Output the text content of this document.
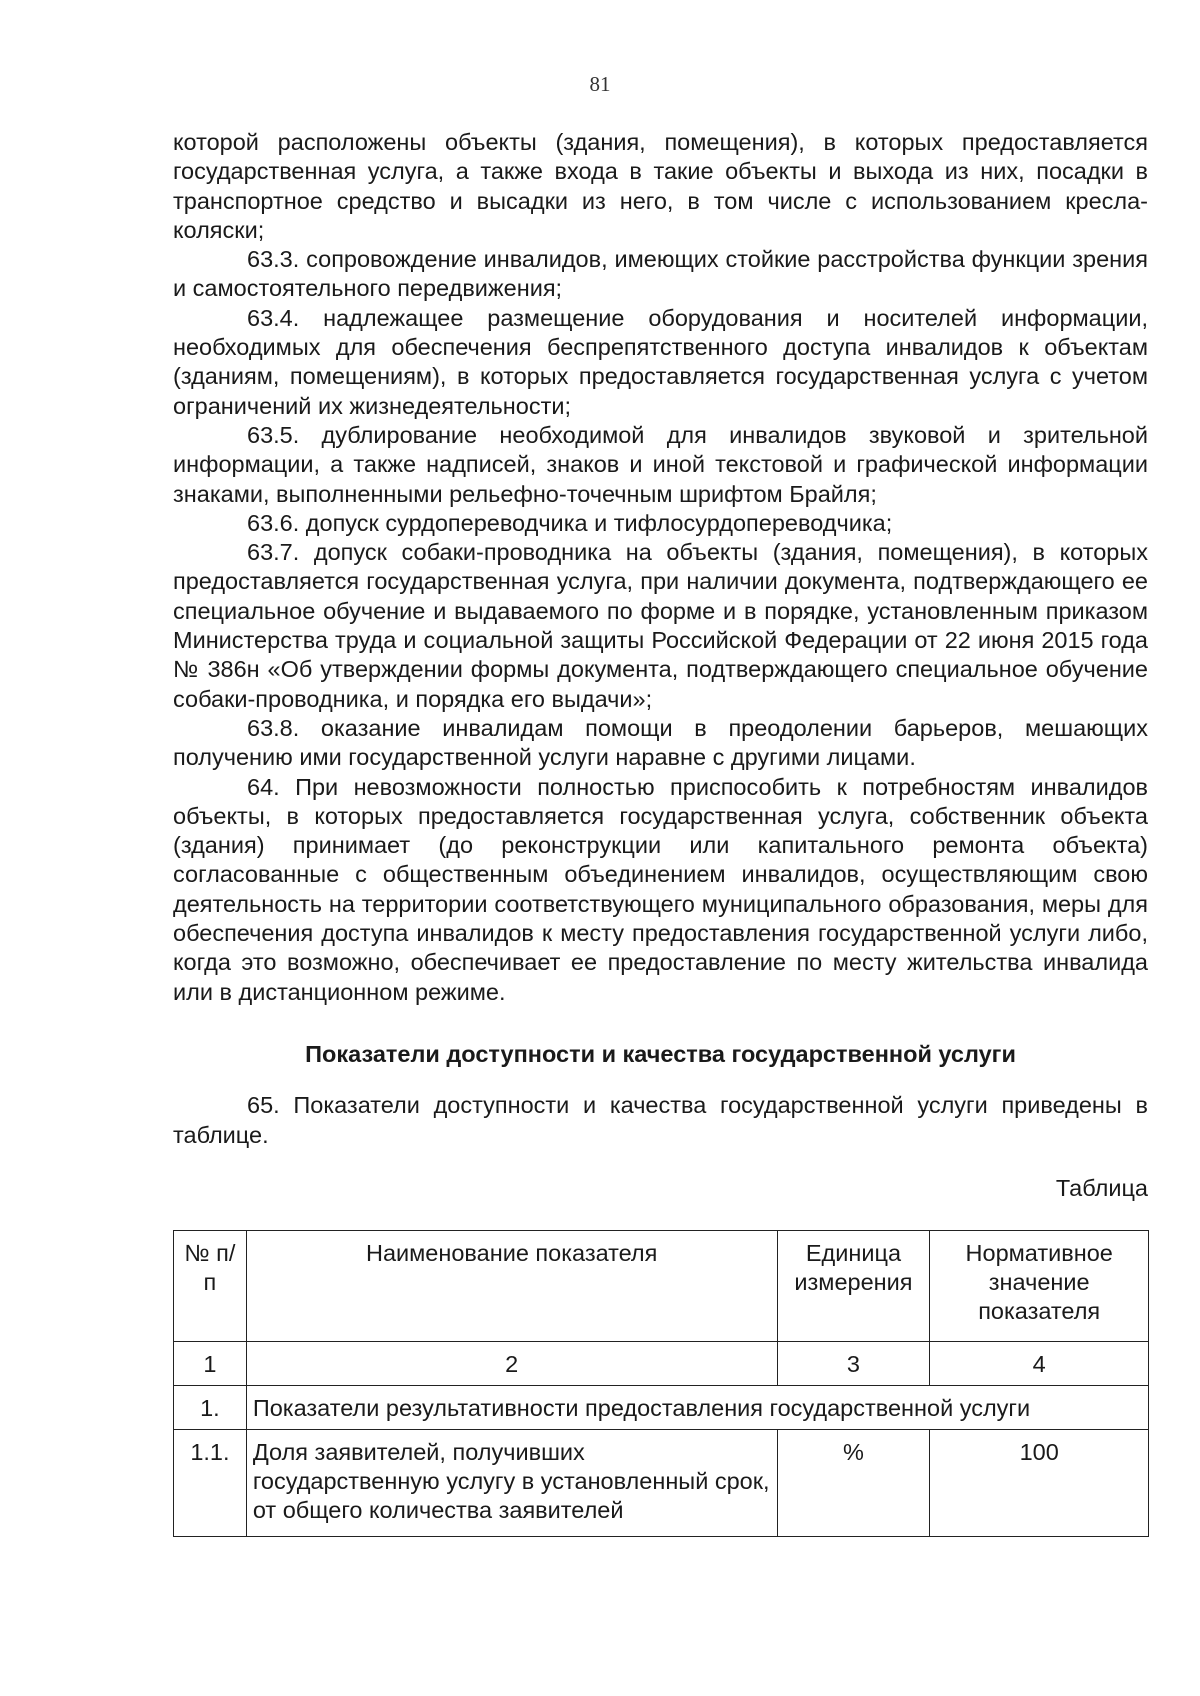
81

которой расположены объекты (здания, помещения), в которых предоставляется государственная услуга, а также входа в такие объекты и выхода из них, посадки в транспортное средство и высадки из него, в том числе с использованием кресла-коляски;

63.3. сопровождение инвалидов, имеющих стойкие расстройства функции зрения и самостоятельного передвижения;

63.4. надлежащее размещение оборудования и носителей информации, необходимых для обеспечения беспрепятственного доступа инвалидов к объектам (зданиям, помещениям), в которых предоставляется государственная услуга с учетом ограничений их жизнедеятельности;

63.5. дублирование необходимой для инвалидов звуковой и зрительной информации, а также надписей, знаков и иной текстовой и графической информации знаками, выполненными рельефно-точечным шрифтом Брайля;

63.6. допуск сурдопереводчика и тифлосурдопереводчика;

63.7. допуск собаки-проводника на объекты (здания, помещения), в которых предоставляется государственная услуга, при наличии документа, подтверждающего ее специальное обучение и выдаваемого по форме и в порядке, установленным приказом Министерства труда и социальной защиты Российской Федерации от 22 июня 2015 года № 386н «Об утверждении формы документа, подтверждающего специальное обучение собаки-проводника, и порядка его выдачи»;

63.8. оказание инвалидам помощи в преодолении барьеров, мешающих получению ими государственной услуги наравне с другими лицами.

64. При невозможности полностью приспособить к потребностям инвалидов объекты, в которых предоставляется государственная услуга, собственник объекта (здания) принимает (до реконструкции или капитального ремонта объекта) согласованные с общественным объединением инвалидов, осуществляющим свою деятельность на территории соответствующего муниципального образования, меры для обеспечения доступа инвалидов к месту предоставления государственной услуги либо, когда это возможно, обеспечивает ее предоставление по месту жительства инвалида или в дистанционном режиме.

Показатели доступности и качества государственной услуги

65. Показатели доступности и качества государственной услуги приведены в таблице.

Таблица

№ п/п	Наименование показателя	Единица измерения	Нормативное значение показателя
1	2	3	4
1.	Показатели результативности предоставления государственной услуги		
1.1.	Доля заявителей, получивших государственную услугу в установленный срок, от общего количества заявителей	%	100
